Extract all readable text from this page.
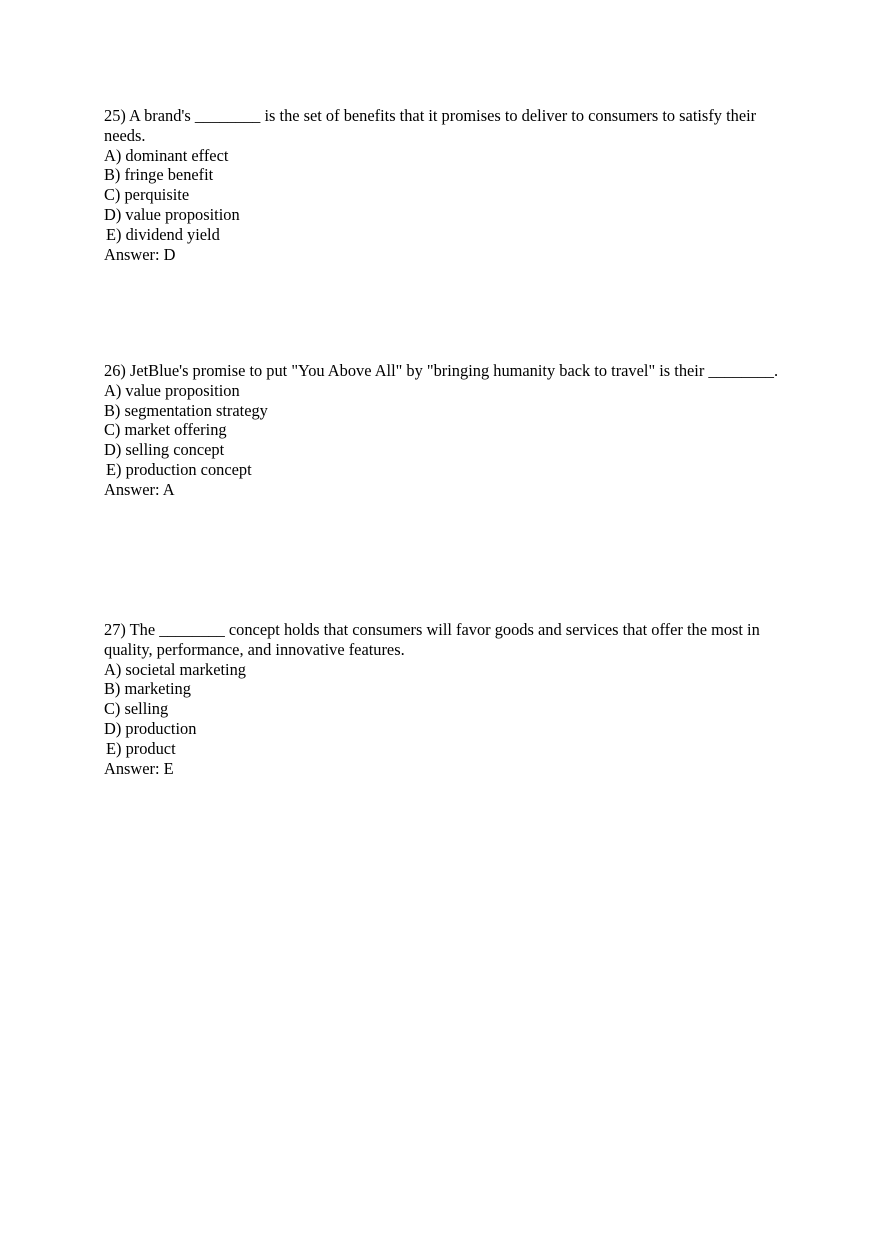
25) A brand's ________ is the set of benefits that it promises to deliver to consumers to satisfy their needs.

A) dominant effect
B) fringe benefit
C) perquisite
D) value proposition
E) dividend yield

Answer: D

26) JetBlue's promise to put "You Above All" by "bringing humanity back to travel" is their ________.

A) value proposition
B) segmentation strategy
C) market offering
D) selling concept
E) production concept

Answer: A

27) The ________ concept holds that consumers will favor goods and services that offer the most in quality, performance, and innovative features.

A) societal marketing
B) marketing
C) selling
D) production
E) product

Answer: E
